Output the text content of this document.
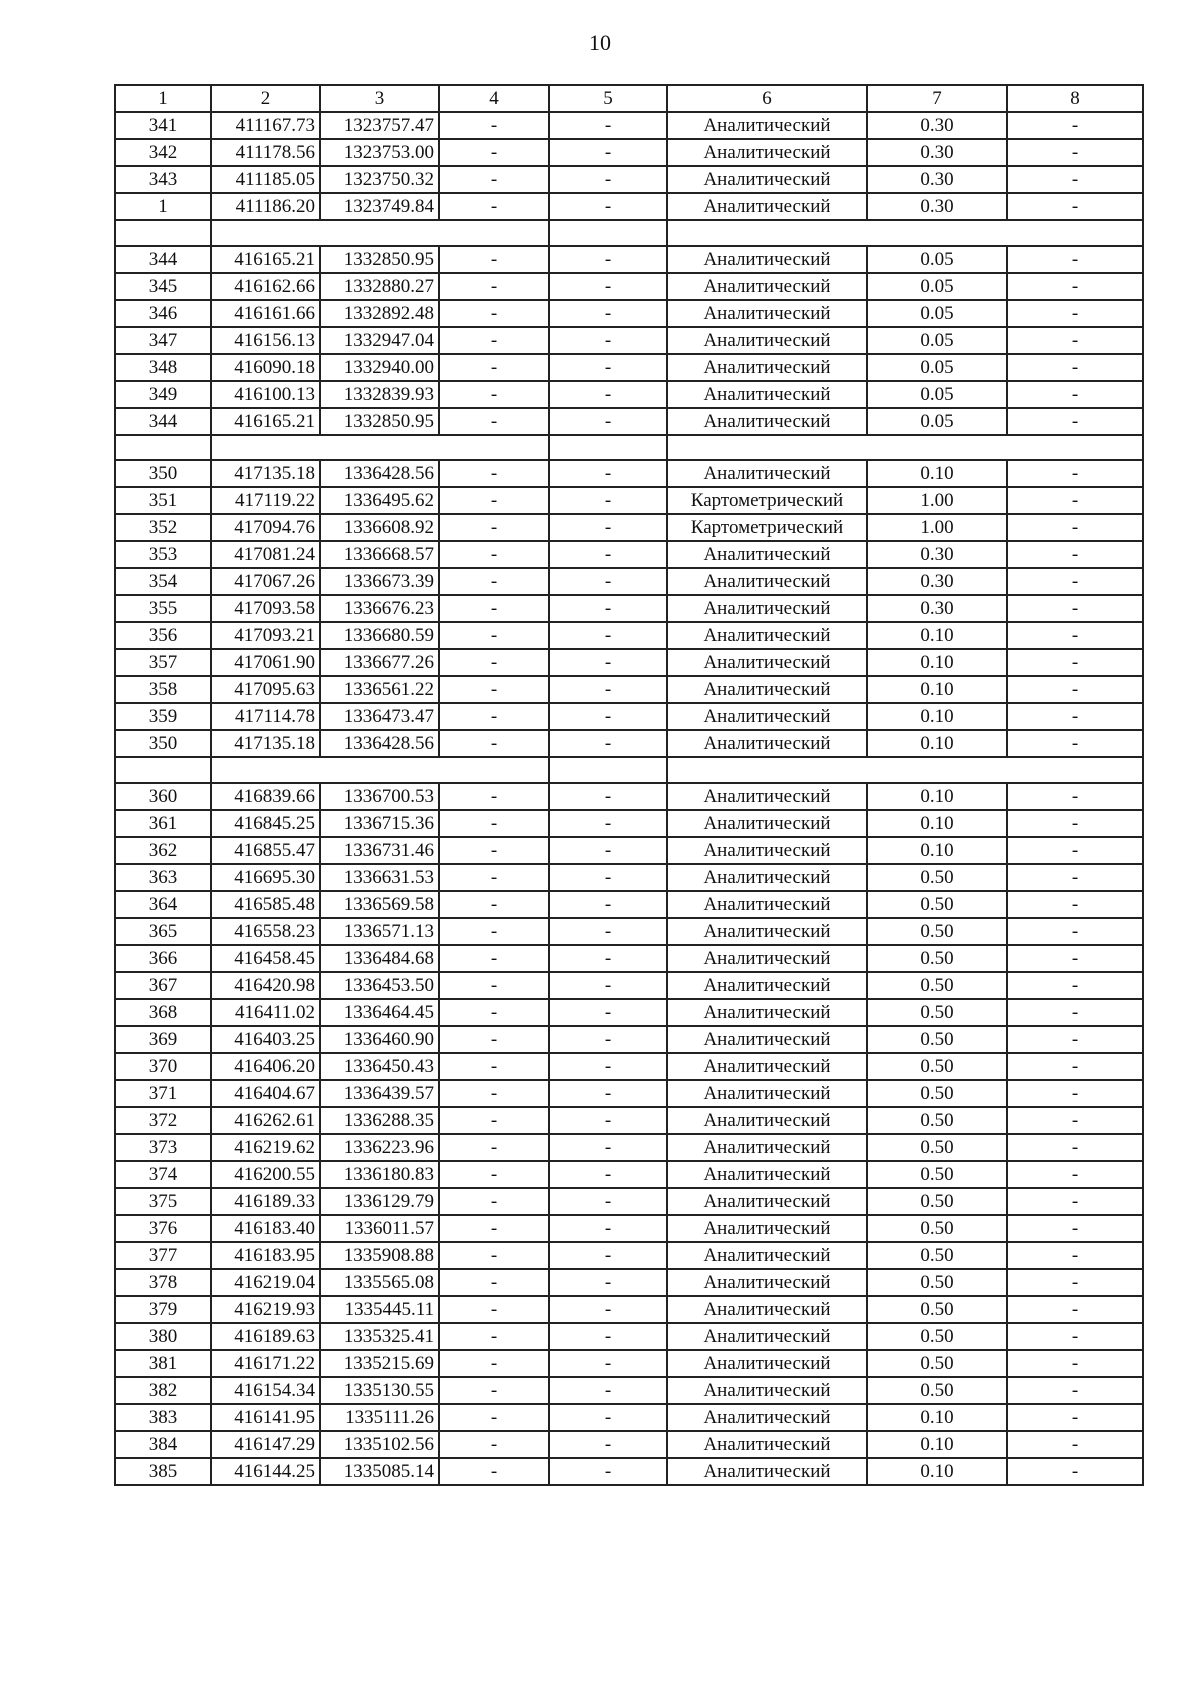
10
1	2	3	4	5	6	7	8
341	411167.73	1323757.47	-	-	Аналитический	0.30	-
342	411178.56	1323753.00	-	-	Аналитический	0.30	-
343	411185.05	1323750.32	-	-	Аналитический	0.30	-
1	411186.20	1323749.84	-	-	Аналитический	0.30	-

344	416165.21	1332850.95	-	-	Аналитический	0.05	-
345	416162.66	1332880.27	-	-	Аналитический	0.05	-
346	416161.66	1332892.48	-	-	Аналитический	0.05	-
347	416156.13	1332947.04	-	-	Аналитический	0.05	-
348	416090.18	1332940.00	-	-	Аналитический	0.05	-
349	416100.13	1332839.93	-	-	Аналитический	0.05	-
344	416165.21	1332850.95	-	-	Аналитический	0.05	-

350	417135.18	1336428.56	-	-	Аналитический	0.10	-
351	417119.22	1336495.62	-	-	Картометрический	1.00	-
352	417094.76	1336608.92	-	-	Картометрический	1.00	-
353	417081.24	1336668.57	-	-	Аналитический	0.30	-
354	417067.26	1336673.39	-	-	Аналитический	0.30	-
355	417093.58	1336676.23	-	-	Аналитический	0.30	-
356	417093.21	1336680.59	-	-	Аналитический	0.10	-
357	417061.90	1336677.26	-	-	Аналитический	0.10	-
358	417095.63	1336561.22	-	-	Аналитический	0.10	-
359	417114.78	1336473.47	-	-	Аналитический	0.10	-
350	417135.18	1336428.56	-	-	Аналитический	0.10	-

360	416839.66	1336700.53	-	-	Аналитический	0.10	-
361	416845.25	1336715.36	-	-	Аналитический	0.10	-
362	416855.47	1336731.46	-	-	Аналитический	0.10	-
363	416695.30	1336631.53	-	-	Аналитический	0.50	-
364	416585.48	1336569.58	-	-	Аналитический	0.50	-
365	416558.23	1336571.13	-	-	Аналитический	0.50	-
366	416458.45	1336484.68	-	-	Аналитический	0.50	-
367	416420.98	1336453.50	-	-	Аналитический	0.50	-
368	416411.02	1336464.45	-	-	Аналитический	0.50	-
369	416403.25	1336460.90	-	-	Аналитический	0.50	-
370	416406.20	1336450.43	-	-	Аналитический	0.50	-
371	416404.67	1336439.57	-	-	Аналитический	0.50	-
372	416262.61	1336288.35	-	-	Аналитический	0.50	-
373	416219.62	1336223.96	-	-	Аналитический	0.50	-
374	416200.55	1336180.83	-	-	Аналитический	0.50	-
375	416189.33	1336129.79	-	-	Аналитический	0.50	-
376	416183.40	1336011.57	-	-	Аналитический	0.50	-
377	416183.95	1335908.88	-	-	Аналитический	0.50	-
378	416219.04	1335565.08	-	-	Аналитический	0.50	-
379	416219.93	1335445.11	-	-	Аналитический	0.50	-
380	416189.63	1335325.41	-	-	Аналитический	0.50	-
381	416171.22	1335215.69	-	-	Аналитический	0.50	-
382	416154.34	1335130.55	-	-	Аналитический	0.50	-
383	416141.95	1335111.26	-	-	Аналитический	0.10	-
384	416147.29	1335102.56	-	-	Аналитический	0.10	-
385	416144.25	1335085.14	-	-	Аналитический	0.10	-
